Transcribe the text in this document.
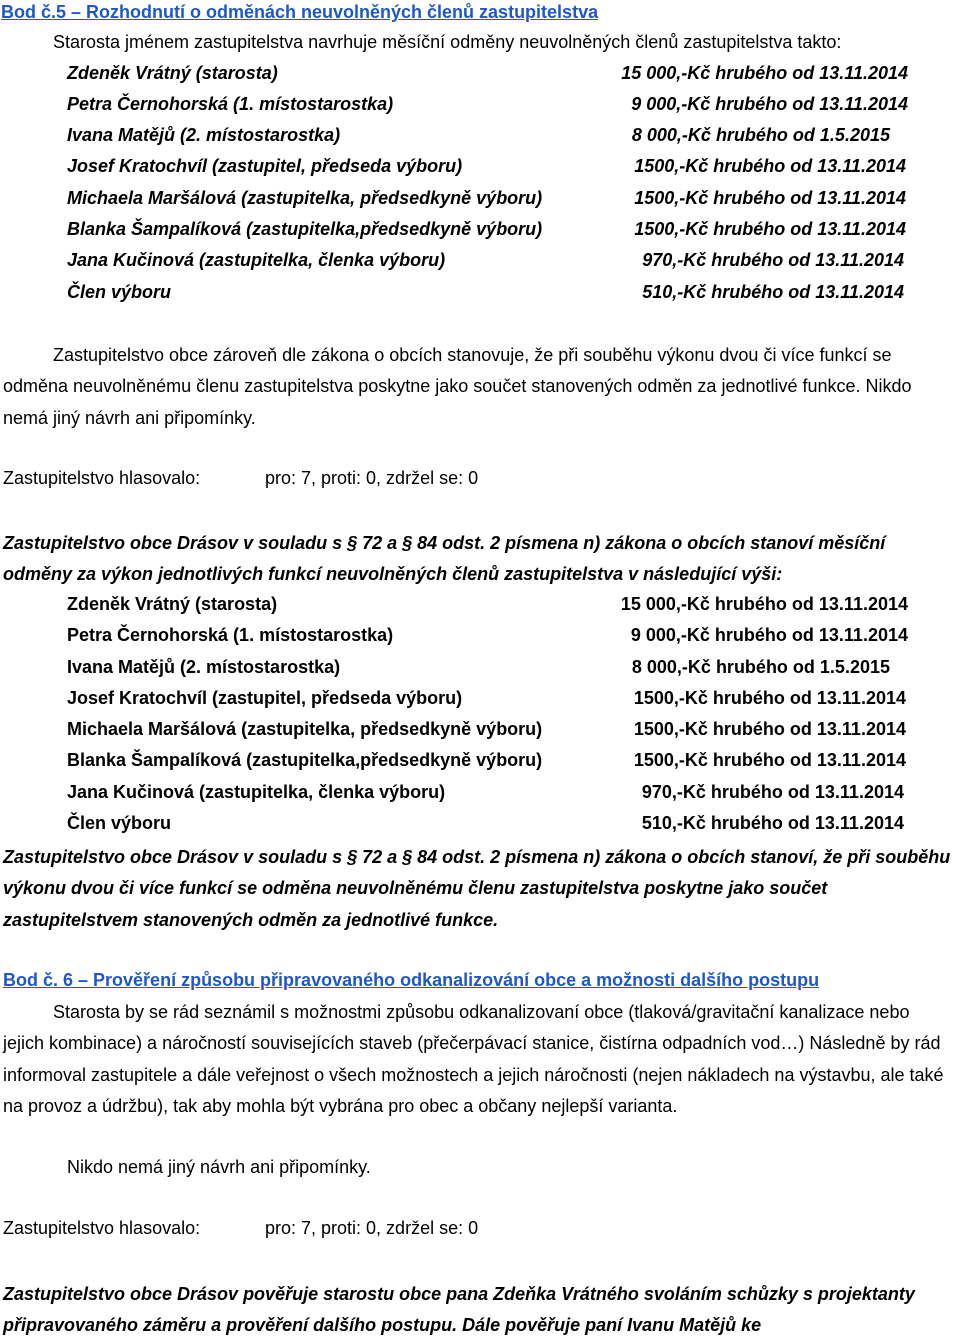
Bod č.5 – Rozhodnutí o odměnách neuvolněných členů zastupitelstva
Starosta jménem zastupitelstva navrhuje měsíční odměny neuvolněných členů zastupitelstva takto:
Zdeněk Vrátný (starosta)	15 000,-Kč hrubého od 13.11.2014
Petra Černohorská (1. místostarostka)	9 000,-Kč hrubého od 13.11.2014
Ivana Matějů (2. místostarostka)	8 000,-Kč hrubého od 1.5.2015
Josef Kratochvíl (zastupitel, předseda výboru)	1500,-Kč hrubého od 13.11.2014
Michaela Maršálová (zastupitelka, předsedkyně výboru)	1500,-Kč hrubého od 13.11.2014
Blanka Šampalíková (zastupitelka,předsedkyně výboru)	1500,-Kč hrubého od 13.11.2014
Jana Kučinová (zastupitelka, členka výboru)	970,-Kč hrubého od 13.11.2014
Člen výboru	510,-Kč hrubého od 13.11.2014
Zastupitelstvo obce zároveň dle zákona o obcích stanovuje, že při souběhu výkonu dvou či více funkcí se odměna neuvolněnému členu zastupitelstva poskytne jako součet stanovených odměn za jednotlivé funkce. Nikdo nemá jiný návrh ani připomínky.
Zastupitelstvo hlasovalo:	pro: 7, proti: 0, zdržel se: 0
Zastupitelstvo obce Drásov v souladu s § 72 a § 84 odst. 2 písmena n) zákona o obcích stanoví měsíční odměny za výkon jednotlivých funkcí neuvolněných členů zastupitelstva v následující výši:
Zdeněk Vrátný (starosta)	15 000,-Kč hrubého od 13.11.2014
Petra Černohorská (1. místostarostka)	9 000,-Kč hrubého od 13.11.2014
Ivana Matějů (2. místostarostka)	8 000,-Kč hrubého od 1.5.2015
Josef Kratochvíl (zastupitel, předseda výboru)	1500,-Kč hrubého od 13.11.2014
Michaela Maršálová (zastupitelka, předsedkyně výboru)	1500,-Kč hrubého od 13.11.2014
Blanka Šampalíková (zastupitelka,předsedkyně výboru)	1500,-Kč hrubého od 13.11.2014
Jana Kučinová (zastupitelka, členka výboru)	970,-Kč hrubého od 13.11.2014
Člen výboru	510,-Kč hrubého od 13.11.2014
Zastupitelstvo obce Drásov v souladu s § 72 a § 84 odst. 2 písmena n) zákona o obcích stanoví, že při souběhu výkonu dvou či více funkcí se odměna neuvolněnému členu zastupitelstva poskytne jako součet zastupitelstvem stanovených odměn za jednotlivé funkce.
Bod č. 6 – Prověření způsobu připravovaného odkanalizování obce a možnosti dalšího postupu
Starosta by se rád seznámil s možnostmi způsobu odkanalizovaní obce (tlaková/gravitační kanalizace nebo jejich kombinace) a náročností souvisejících staveb (přečerpávací stanice, čistírna odpadních vod…) Následně by rád informoval zastupitele a dále veřejnost o všech možnostech a jejich náročnosti (nejen nákladech na výstavbu, ale také na provoz a údržbu), tak aby mohla být vybrána pro obec a občany nejlepší varianta.
Nikdo nemá jiný návrh ani připomínky.
Zastupitelstvo hlasovalo:	pro: 7, proti: 0, zdržel se: 0
Zastupitelstvo obce Drásov pověřuje starostu obce pana Zdeňka Vrátného svoláním schůzky s projektanty připravovaného záměru a prověření dalšího postupu. Dále pověřuje paní Ivanu Matějů ke
